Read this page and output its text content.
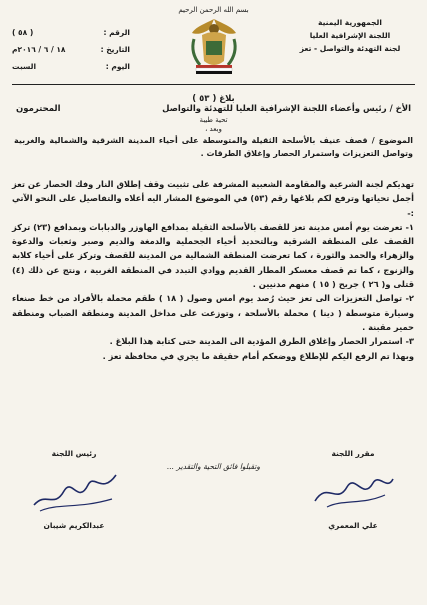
بسم الله الرحمن الرحيم
الجمهورية اليمنية
اللجنة الإشرافية العليا
لجنة التهدئة والتواصل - تعز
الرقم :
( ٥٨ )
التاريخ :
١٨ / ٦ / ٢٠١٦م
اليوم :
السبت
بلاغ ( ٥٣ )
الأخ / رئيس وأعضاء اللجنة الإشرافية العليا للتهدئة والتواصل
المحترمون
تحية طيبة
وبعد ،
الموضوع / قصف عنيف بالأسلحة الثقيلة والمتوسطة على أحياء المدينة الشرقية والشمالية والغربية وتواصل التعزيزات واستمرار الحصار وإغلاق الطرقات .

تهديكم لجنة الشرعية والمقاومة الشعبية المشرفة على تثبيت وقف إطلاق النار وفك الحصار عن تعز أجمل تحياتها وترفع لكم بلاغها رقم (٥٣) في الموضوع المشار اليه أعلاه والتفاصيل على النحو الآتي :-

١- تعرضت يوم أمس مدينة تعز للقصف بالأسلحة الثقيلة بمدافع الهاوزر والدبابات وبمدافع (٢٣) تركز القصف على المنطقة الشرقية وبالتحديد أحياء الجحملية والدمغة والديم وصبر وثعبات والدعوة والزهراء والحمد والثورة ، كما تعرضت المنطقة الشمالية من المدينة للقصف وتركز على أحياء كلابة والزنوج ، كما تم قصف معسكر المطار القديم ووادي التبدد في المنطقة الغربية ، ونتج عن ذلك (٤) قتلى و( ٢٦ ) جريح ( ١٥ ) منهم مدنيين .

٢- تواصل التعزيزات الى تعز حيث رُصد يوم امس وصول ( ١٨ ) طقم محملة بالأفراد من خط صنعاء وسيارة متوسطة ( دينا ) محملة بالأسلحة ، وتوزعت على مداخل المدينة ومنطقة الضباب ومنطقة حمير مقبنة .

٣- استمرار الحصار وإغلاق الطرق المؤدية الى المدينة حتى كتابة هذا البلاغ .

وبهذا تم الرفع اليكم للإطلاع ووضعكم أمام حقيقة ما يجري في محافظة تعز .

وتقبلوا فائق التحية والتقدير ...
مقرر اللجنة
علي المعمري
رئيس اللجنة
عبدالكريم شيبان
